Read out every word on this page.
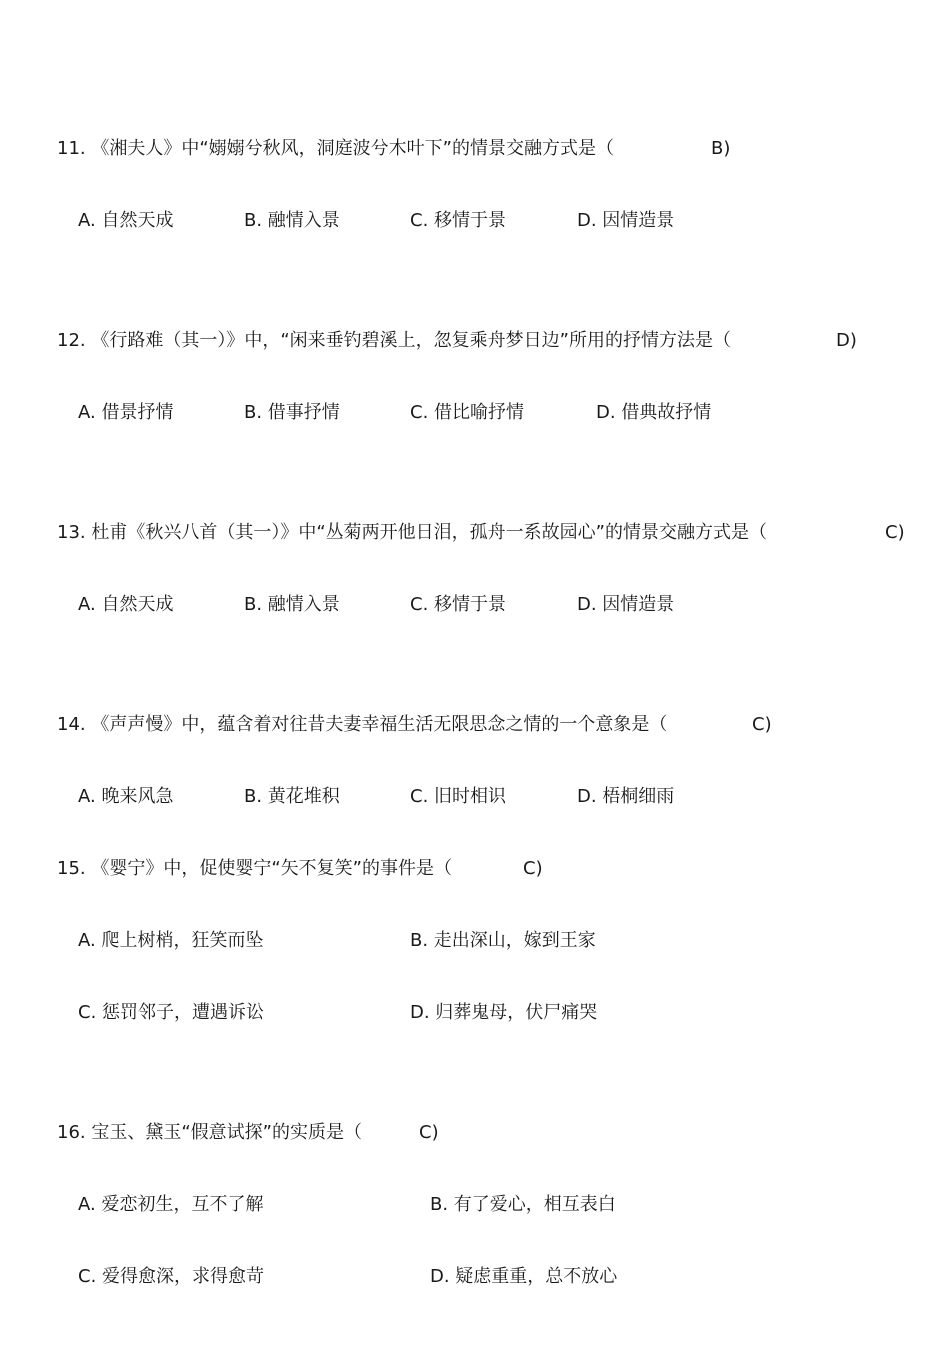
11. 《湘夫人》中“嫋嫋兮秋风，洞庭波兮木叶下”的情景交融方式是（	B)
A. 自然天成	B. 融情入景	C. 移情于景	D. 因情造景
12. 《行路难（其一）》中，“闲来垂钓碧溪上，忽复乘舟梦日边”所用的抒情方法是（	D)
A. 借景抒情	B. 借事抒情	C. 借比喻抒情	D. 借典故抒情
13. 杜甫《秋兴八首（其一）》中“丛菊两开他日泪，孤舟一系故园心”的情景交融方式是（	C)
A. 自然天成	B. 融情入景	C. 移情于景	D. 因情造景
14. 《声声慢》中，蕴含着对往昔夫妻幸福生活无限思念之情的一个意象是（	C)
A. 晚来风急	B. 黄花堆积	C. 旧时相识	D. 梧桐细雨
15. 《婴宁》中，促使婴宁“矢不复笑”的事件是（	C)
A. 爬上树梢，狂笑而坠	B. 走出深山，嫁到王家
C. 惩罚邻子，遭遇诉讼	D. 归葬鬼母，伏尸痛哭
16. 宝玉、黛玉“假意试探”的实质是（	C)
A. 爱恋初生，互不了解	B. 有了爱心，相互表白
C. 爱得愈深，求得愈苛	D. 疑虑重重，总不放心
